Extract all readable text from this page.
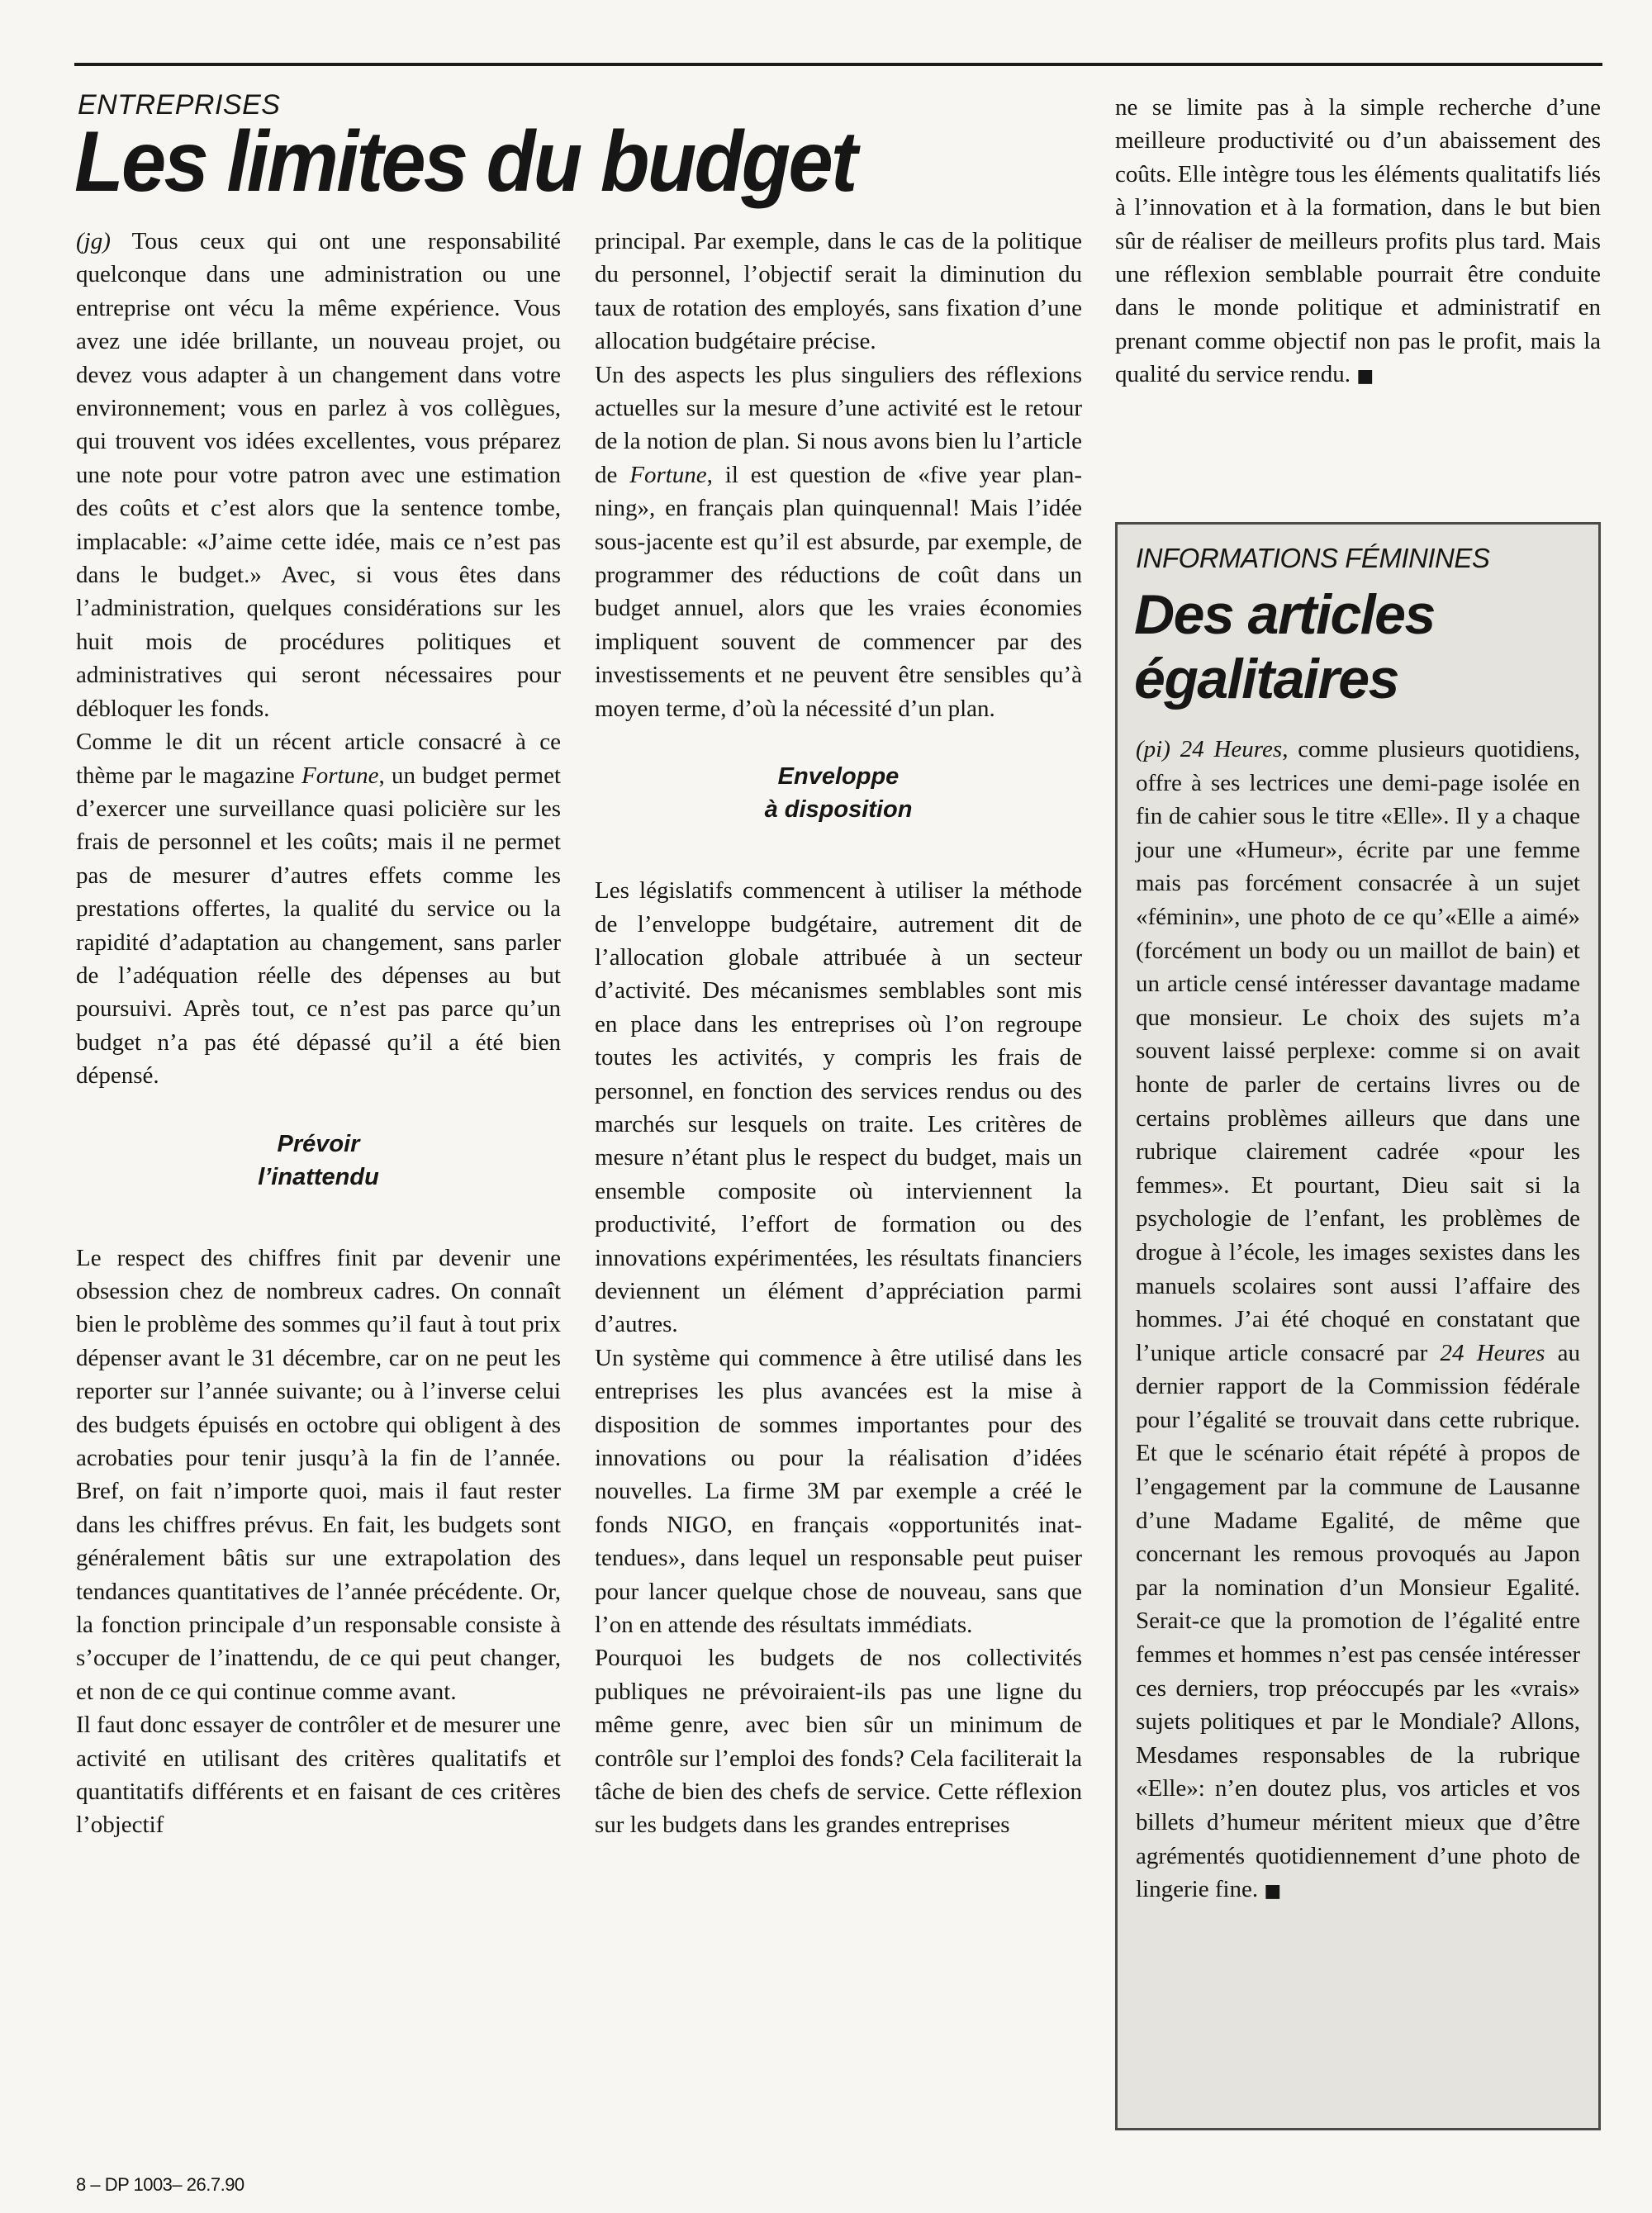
ENTREPRISES
Les limites du budget

(jg) Tous ceux qui ont une responsabilité quelconque dans une administration ou une entreprise ont vécu la même expérience. Vous avez une idée brillante, un nouveau projet, ou devez vous adapter à un changement dans votre environnement; vous en parlez à vos collègues, qui trouvent vos idées excellentes, vous préparez une note pour votre patron avec une estimation des coûts et c’est alors que la sentence tombe, implacable: «J’aime cette idée, mais ce n’est pas dans le budget.» Avec, si vous êtes dans l’administration, quelques considérations sur les huit mois de procédures politiques et administratives qui seront nécessaires pour débloquer les fonds.

Comme le dit un récent article consacré à ce thème par le magazine Fortune, un budget permet d’exercer une surveillance quasi policière sur les frais de personnel et les coûts; mais il ne permet pas de mesurer d’autres effets comme les prestations offertes, la qualité du service ou la rapidité d’adaptation au changement, sans parler de l’adéquation réelle des dépenses au but poursuivi. Après tout, ce n’est pas parce qu’un budget n’a pas été dépassé qu’il a été bien dépensé.

Prévoir
l’inattendu

Le respect des chiffres finit par devenir une obsession chez de nombreux cadres. On connaît bien le problème des sommes qu’il faut à tout prix dépenser avant le 31 décembre, car on ne peut les reporter sur l’année suivante; ou à l’inverse celui des budgets épuisés en octobre qui obligent à des acrobaties pour tenir jusqu’à la fin de l’année. Bref, on fait n’importe quoi, mais il faut rester dans les chiffres prévus. En fait, les budgets sont généralement bâtis sur une extrapolation des tendances quantitatives de l’année précédente. Or, la fonction principale d’un responsable consiste à s’occuper de l’inattendu, de ce qui peut changer, et non de ce qui continue comme avant.

Il faut donc essayer de contrôler et de mesurer une activité en utilisant des critères qualitatifs et quantitatifs différents et en faisant de ces critères l’objectif

principal. Par exemple, dans le cas de la politique du personnel, l’objectif serait la diminution du taux de rotation des employés, sans fixation d’une allocation budgétaire précise.

Un des aspects les plus singuliers des réflexions actuelles sur la mesure d’une activité est le retour de la notion de plan. Si nous avons bien lu l’article de Fortune, il est question de «five year planning», en français plan quinquennal! Mais l’idée sous-jacente est qu’il est absurde, par exemple, de programmer des réductions de coût dans un budget annuel, alors que les vraies économies impliquent souvent de commencer par des investissements et ne peuvent être sensibles qu’à moyen terme, d’où la nécessité d’un plan.

Enveloppe
à disposition

Les législatifs commencent à utiliser la méthode de l’enveloppe budgétaire, autrement dit de l’allocation globale attribuée à un secteur d’activité. Des mécanismes semblables sont mis en place dans les entreprises où l’on regroupe toutes les activités, y compris les frais de personnel, en fonction des services rendus ou des marchés sur lesquels on traite. Les critères de mesure n’étant plus le respect du budget, mais un ensemble composite où interviennent la productivité, l’effort de formation ou des innovations expérimentées, les résultats financiers deviennent un élément d’appréciation parmi d’autres.

Un système qui commence à être utilisé dans les entreprises les plus avancées est la mise à disposition de sommes importantes pour des innovations ou pour la réalisation d’idées nouvelles. La firme 3M par exemple a créé le fonds NIGO, en français «opportunités inattendues», dans lequel un responsable peut puiser pour lancer quelque chose de nouveau, sans que l’on en attende des résultats immédiats.

Pourquoi les budgets de nos collectivités publiques ne prévoiraient-ils pas une ligne du même genre, avec bien sûr un minimum de contrôle sur l’emploi des fonds? Cela faciliterait la tâche de bien des chefs de service. Cette réflexion sur les budgets dans les grandes entreprises

ne se limite pas à la simple recherche d’une meilleure productivité ou d’un abaissement des coûts. Elle intègre tous les éléments qualitatifs liés à l’innovation et à la formation, dans le but bien sûr de réaliser de meilleurs profits plus tard. Mais une réflexion semblable pourrait être conduite dans le monde politique et administratif en prenant comme objectif non pas le profit, mais la qualité du service rendu. ■

INFORMATIONS FÉMININES
Des articles
égalitaires

(pi) 24 Heures, comme plusieurs quotidiens, offre à ses lectrices une demi-page isolée en fin de cahier sous le titre «Elle». Il y a chaque jour une «Humeur», écrite par une femme mais pas forcément consacrée à un sujet «féminin», une photo de ce qu’«Elle a aimé» (forcément un body ou un maillot de bain) et un article censé intéresser davantage madame que monsieur. Le choix des sujets m’a souvent laissé perplexe: comme si on avait honte de parler de certains livres ou de certains problèmes ailleurs que dans une rubrique clairement cadrée «pour les femmes». Et pourtant, Dieu sait si la psychologie de l’enfant, les problèmes de drogue à l’école, les images sexistes dans les manuels scolaires sont aussi l’affaire des hommes. J’ai été choqué en constatant que l’unique article consacré par 24 Heures au dernier rapport de la Commission fédérale pour l’égalité se trouvait dans cette rubrique. Et que le scénario était répété à propos de l’engagement par la commune de Lausanne d’une Madame Egalité, de même que concernant les remous provoqués au Japon par la nomination d’un Monsieur Egalité. Serait-ce que la promotion de l’égalité entre femmes et hommes n’est pas censée intéresser ces derniers, trop préoccupés par les «vrais» sujets politiques et par le Mondiale? Allons, Mesdames responsables de la rubrique «Elle»: n’en doutez plus, vos articles et vos billets d’humeur méritent mieux que d’être agrémentés quotidiennement d’une photo de lingerie fine. ■

8 – DP 1003– 26.7.90
